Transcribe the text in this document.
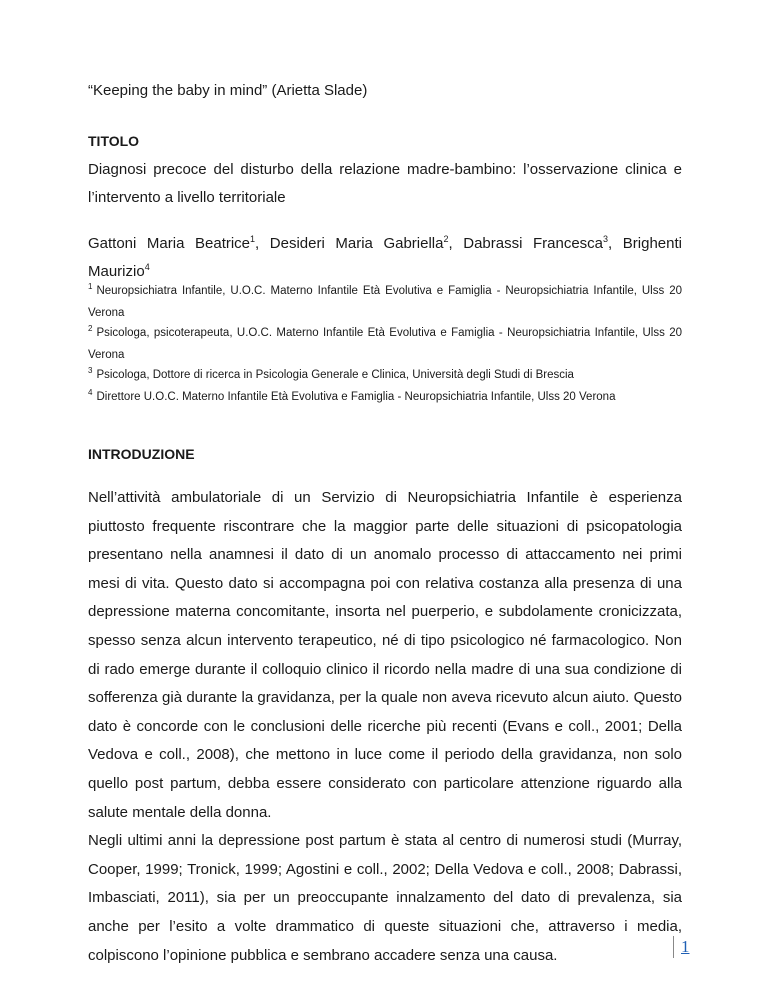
“Keeping the baby in mind” (Arietta Slade)
TITOLO
Diagnosi precoce del disturbo della relazione madre-bambino: l’osservazione clinica e l’intervento a livello territoriale
Gattoni Maria Beatrice$^1$, Desideri Maria Gabriella$^2$, Dabrassi Francesca$^3$, Brighenti Maurizio$^4$
$^1$ Neuropsichiatra Infantile, U.O.C. Materno Infantile Età Evolutiva e Famiglia - Neuropsichiatria Infantile, Ulss 20 Verona
$^2$ Psicologa, psicoterapeuta, U.O.C. Materno Infantile Età Evolutiva e Famiglia - Neuropsichiatria Infantile, Ulss 20 Verona
$^3$ Psicologa, Dottore di ricerca in Psicologia Generale e Clinica, Università degli Studi di Brescia
$^4$ Direttore U.O.C. Materno Infantile Età Evolutiva e Famiglia - Neuropsichiatria Infantile, Ulss 20 Verona
INTRODUZIONE

Nell’attività ambulatoriale di un Servizio di Neuropsichiatria Infantile è esperienza piuttosto frequente riscontrare che la maggior parte delle situazioni di psicopatologia presentano nella anamnesi il dato di un anomalo processo di attaccamento nei primi mesi di vita. Questo dato si accompagna poi con relativa costanza alla presenza di una depressione materna concomitante, insorta nel puerperio, e subdolamente cronicizzata, spesso senza alcun intervento terapeutico, né di tipo psicologico né farmacologico. Non di rado emerge durante il colloquio clinico il ricordo nella madre di una sua condizione di sofferenza già durante la gravidanza, per la quale non aveva ricevuto alcun aiuto. Questo dato è concorde con le conclusioni delle ricerche più recenti (Evans e coll., 2001; Della Vedova e coll., 2008), che mettono in luce come il periodo della gravidanza, non solo quello post partum, debba essere considerato con particolare attenzione riguardo alla salute mentale della donna.

Negli ultimi anni la depressione post partum è stata al centro di numerosi studi (Murray, Cooper, 1999; Tronick, 1999; Agostini e coll., 2002; Della Vedova e coll., 2008; Dabrassi, Imbasciati, 2011), sia per un preoccupante innalzamento del dato di prevalenza, sia anche per l’esito a volte drammatico di queste situazioni che, attraverso i media, colpiscono l’opinione pubblica e sembrano accadere senza una causa.	1
